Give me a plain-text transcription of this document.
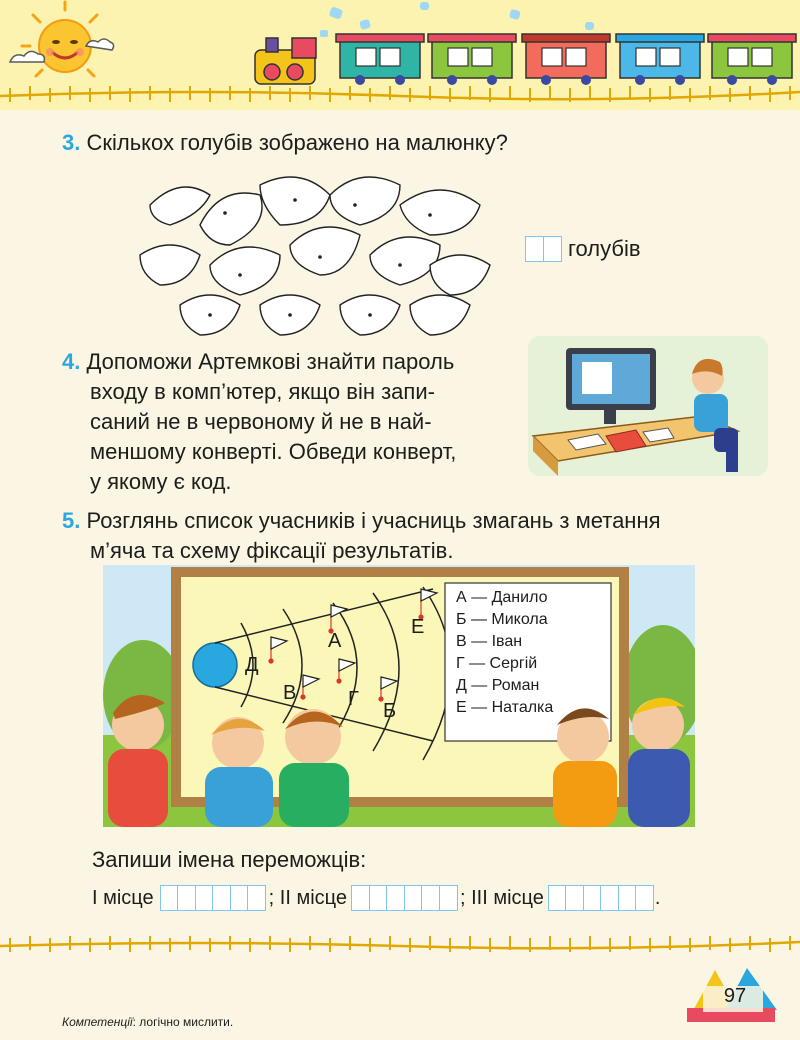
3. Скількох голубів зображено на малюнку?
голубів
4. Допоможи Артемкові знайти пароль
входу в комп’ютер, якщо він запи-
саний не в червоному й не в най-
меншому конверті. Обведи конверт,
у якому є код.
5. Розглянь список учасників і учасниць змагань з метання
м’яча та схему фіксації результатів.
А
Б
В	Г
Д
Е
А — Данило
Б — Микола
В — Іван
Г — Сергій
Д — Роман
Е — Наталка
Запиши імена переможців:
І місце	; ІІ місце	; ІІІ місце	.
Компетенції: логічно мислити.
97
